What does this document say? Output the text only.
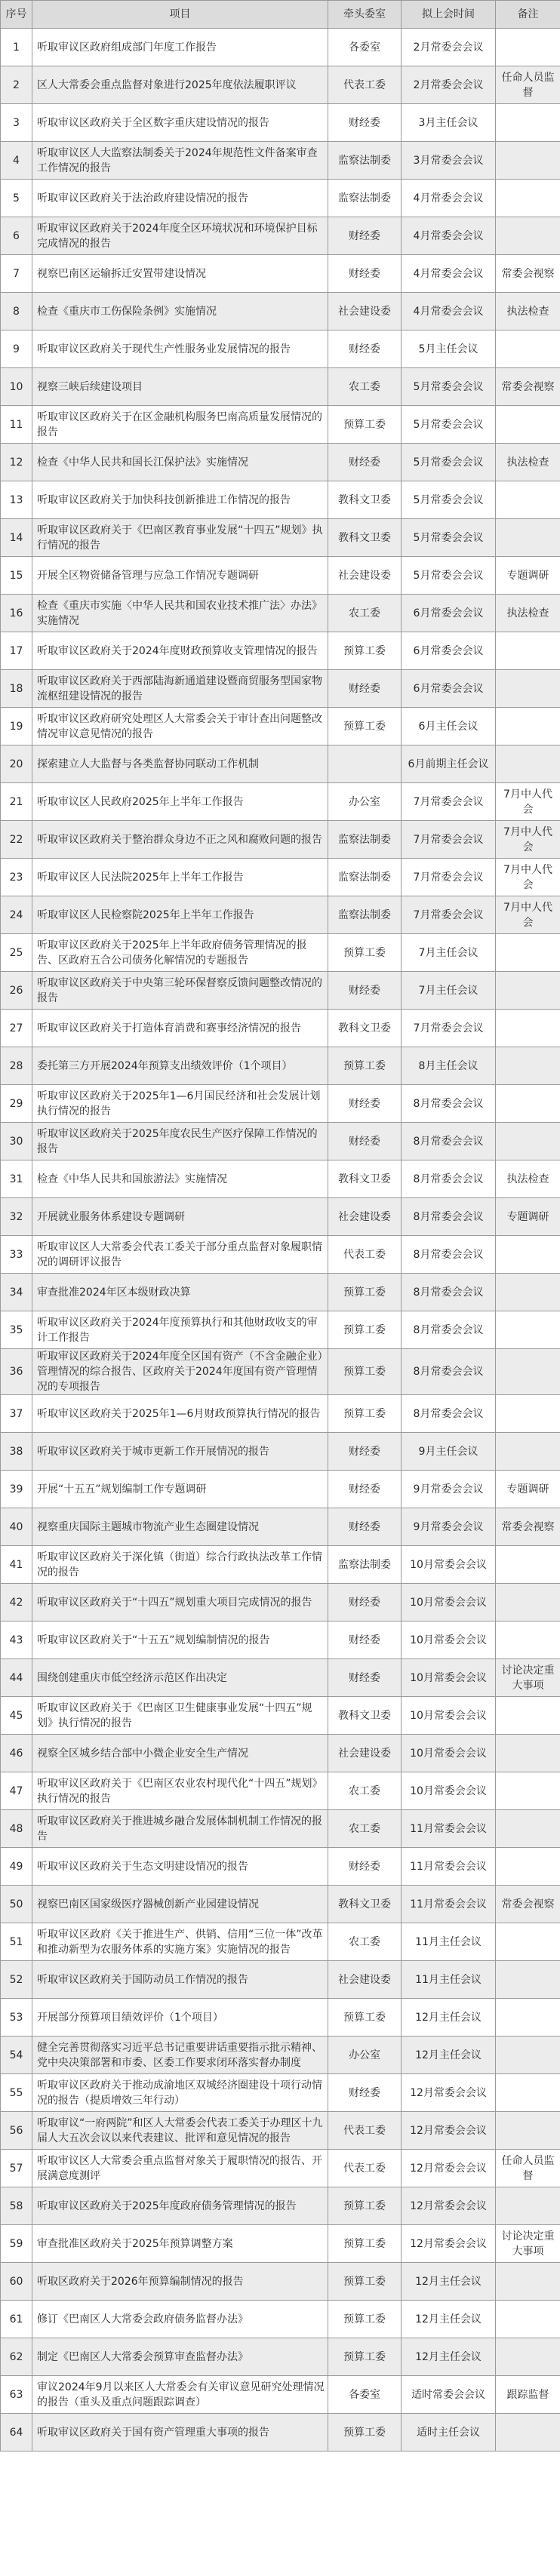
序号	项目	牵头委室	拟上会时间	备注
1	听取审议区政府组成部门年度工作报告	各委室	2月常委会会议	
2	区人大常委会重点监督对象进行2025年度依法履职评议	代表工委	2月常委会会议	任命人员监督
3	听取审议区政府关于全区数字重庆建设情况的报告	财经委	3月主任会议	
4	听取审议区人大监察法制委关于2024年规范性文件备案审查工作情况的报告	监察法制委	3月常委会会议	
5	听取审议区政府关于法治政府建设情况的报告	监察法制委	4月常委会会议	
6	听取审议区政府关于2024年度全区环境状况和环境保护目标完成情况的报告	财经委	4月常委会会议	
7	视察巴南区运输拆迁安置带建设情况	财经委	4月常委会会议	常委会视察
8	检查《重庆市工伤保险条例》实施情况	社会建设委	4月常委会会议	执法检查
9	听取审议区政府关于现代生产性服务业发展情况的报告	财经委	5月主任会议	
10	视察三峡后续建设项目	农工委	5月常委会会议	常委会视察
11	听取审议区政府关于在区金融机构服务巴南高质量发展情况的报告	预算工委	5月常委会会议	
12	检查《中华人民共和国长江保护法》实施情况	财经委	5月常委会会议	执法检查
13	听取审议区政府关于加快科技创新推进工作情况的报告	教科文卫委	5月常委会会议	
14	听取审议区政府关于《巴南区教育事业发展“十四五”规划》执行情况的报告	教科文卫委	5月常委会会议	
15	开展全区物资储备管理与应急工作情况专题调研	社会建设委	5月常委会会议	专题调研
16	检查《重庆市实施〈中华人民共和国农业技术推广法〉办法》实施情况	农工委	6月常委会会议	执法检查
17	听取审议区政府关于2024年度财政预算收支管理情况的报告	预算工委	6月常委会会议	
18	听取审议区政府关于西部陆海新通道建设暨商贸服务型国家物流枢纽建设情况的报告	财经委	6月常委会会议	
19	听取审议区政府研究处理区人大常委会关于审计查出问题整改情况审议意见情况的报告	预算工委	6月主任会议	
20	探索建立人大监督与各类监督协同联动工作机制		6月前期主任会议	
21	听取审议区人民政府2025年上半年工作报告	办公室	7月常委会会议	7月中人代会
22	听取审议区政府关于整治群众身边不正之风和腐败问题的报告	监察法制委	7月常委会会议	7月中人代会
23	听取审议区人民法院2025年上半年工作报告	监察法制委	7月常委会会议	7月中人代会
24	听取审议区人民检察院2025年上半年工作报告	监察法制委	7月常委会会议	7月中人代会
25	听取审议区政府关于2025年上半年政府债务管理情况的报告、区政府五合公司债务化解情况的专题报告	预算工委	7月主任会议	
26	听取审议区政府关于中央第三轮环保督察反馈问题整改情况的报告	财经委	7月主任会议	
27	听取审议区政府关于打造体育消费和赛事经济情况的报告	教科文卫委	7月常委会会议	
28	委托第三方开展2024年预算支出绩效评价（1个项目）	预算工委	8月主任会议	
29	听取审议区政府关于2025年1—6月国民经济和社会发展计划执行情况的报告	财经委	8月常委会会议	
30	听取审议区政府关于2025年度农民生产医疗保障工作情况的报告	财经委	8月常委会会议	
31	检查《中华人民共和国旅游法》实施情况	教科文卫委	8月常委会会议	执法检查
32	开展就业服务体系建设专题调研	社会建设委	8月常委会会议	专题调研
33	听取审议区人大常委会代表工委关于部分重点监督对象履职情况的调研评议报告	代表工委	8月常委会会议	
34	审查批准2024年区本级财政决算	预算工委	8月常委会会议	
35	听取审议区政府关于2024年度预算执行和其他财政收支的审计工作报告	预算工委	8月常委会会议	
36	听取审议区政府关于2024年度全区国有资产（不含金融企业）管理情况的综合报告、区政府关于2024年度国有资产管理情况的专项报告	预算工委	8月常委会会议	
37	听取审议区政府关于2025年1—6月财政预算执行情况的报告	预算工委	8月常委会会议	
38	听取审议区政府关于城市更新工作开展情况的报告	财经委	9月主任会议	
39	开展“十五五”规划编制工作专题调研	财经委	9月常委会会议	专题调研
40	视察重庆国际主题城市物流产业生态圈建设情况	财经委	9月常委会会议	常委会视察
41	听取审议区政府关于深化镇（街道）综合行政执法改革工作情况的报告	监察法制委	10月常委会会议	
42	听取审议区政府关于“十四五”规划重大项目完成情况的报告	财经委	10月常委会会议	
43	听取审议区政府关于“十五五”规划编制情况的报告	财经委	10月常委会会议	
44	围绕创建重庆市低空经济示范区作出决定	财经委	10月常委会会议	讨论决定重大事项
45	听取审议区政府关于《巴南区卫生健康事业发展“十四五”规划》执行情况的报告	教科文卫委	10月常委会会议	
46	视察全区城乡结合部中小微企业安全生产情况	社会建设委	10月常委会会议	
47	听取审议区政府关于《巴南区农业农村现代化“十四五”规划》执行情况的报告	农工委	10月常委会会议	
48	听取审议区政府关于推进城乡融合发展体制机制工作情况的报告	农工委	11月常委会会议	
49	听取审议区政府关于生态文明建设情况的报告	财经委	11月常委会会议	
50	视察巴南区国家级医疗器械创新产业园建设情况	教科文卫委	11月常委会会议	常委会视察
51	听取审议区政府《关于推进生产、供销、信用“三位一体”改革和推动新型为农服务体系的实施方案》实施情况的报告	农工委	11月主任会议	
52	听取审议区政府关于国防动员工作情况的报告	社会建设委	11月主任会议	
53	开展部分预算项目绩效评价（1个项目）	预算工委	12月主任会议	
54	健全完善贯彻落实习近平总书记重要讲话重要指示批示精神、党中央决策部署和市委、区委工作要求闭环落实督办制度	办公室	12月主任会议	
55	听取审议区政府关于推动成渝地区双城经济圈建设十项行动情况的报告（提质增效三年行动）	财经委	12月常委会会议	
56	听取审议“一府两院”和区人大常委会代表工委关于办理区十九届人大五次会议以来代表建议、批评和意见情况的报告	代表工委	12月常委会会议	
57	听取审议区人大常委会重点监督对象关于履职情况的报告、开展满意度测评	代表工委	12月常委会会议	任命人员监督
58	听取审议区政府关于2025年度政府债务管理情况的报告	预算工委	12月常委会会议	
59	审查批准区政府关于2025年预算调整方案	预算工委	12月常委会会议	讨论决定重大事项
60	听取区政府关于2026年预算编制情况的报告	预算工委	12月主任会议	
61	修订《巴南区人大常委会政府债务监督办法》	预算工委	12月主任会议	
62	制定《巴南区人大常委会预算审查监督办法》	预算工委	12月主任会议	
63	审议2024年9月以来区人大常委会有关审议意见研究处理情况的报告（重头及重点问题跟踪调查）	各委室	适时常委会会议	跟踪监督
64	听取审议区政府关于国有资产管理重大事项的报告	预算工委	适时主任会议	
